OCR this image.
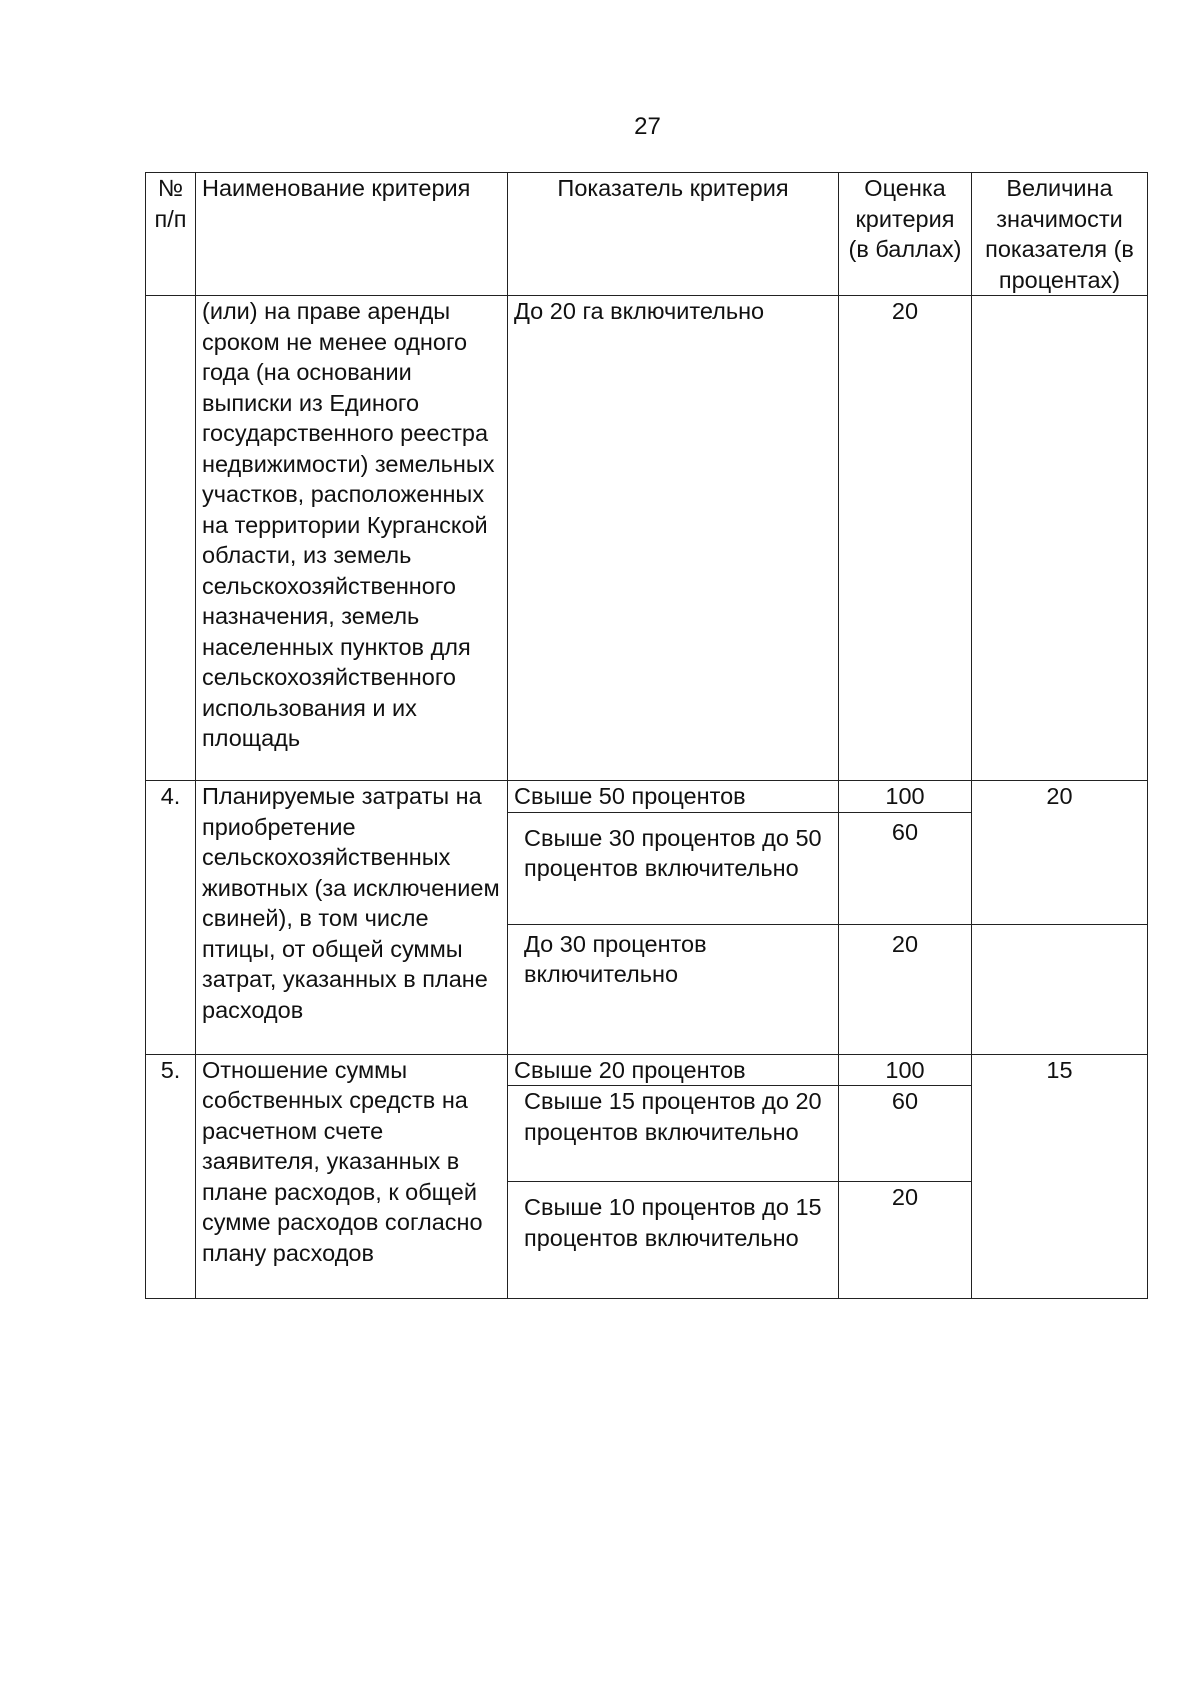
27
№ п/п	Наименование критерия	Показатель критерия	Оценка критерия (в баллах)	Величина значимости показателя (в процентах)
	(или) на праве аренды сроком не менее одного года (на основании выписки из Единого государственного реестра недвижимости) земельных участков, расположенных на территории Курганской области, из земель сельскохозяйственного назначения, земель населенных пунктов для сельскохозяйственного использования и их площадь	До 20 га включительно	20	
4.	Планируемые затраты на приобретение сельскохозяйственных животных (за исключением свиней), в том числе птицы, от общей суммы затрат, указанных в плане расходов	Свыше 50 процентов	100	20
		Свыше 30 процентов до 50 процентов включительно	60	
		До 30 процентов включительно	20	
5.	Отношение суммы собственных средств на расчетном счете заявителя, указанных в плане расходов, к общей сумме расходов согласно плану расходов	Свыше 20 процентов	100	15
		Свыше 15 процентов до 20 процентов включительно	60	
		Свыше 10 процентов до 15 процентов включительно	20	
